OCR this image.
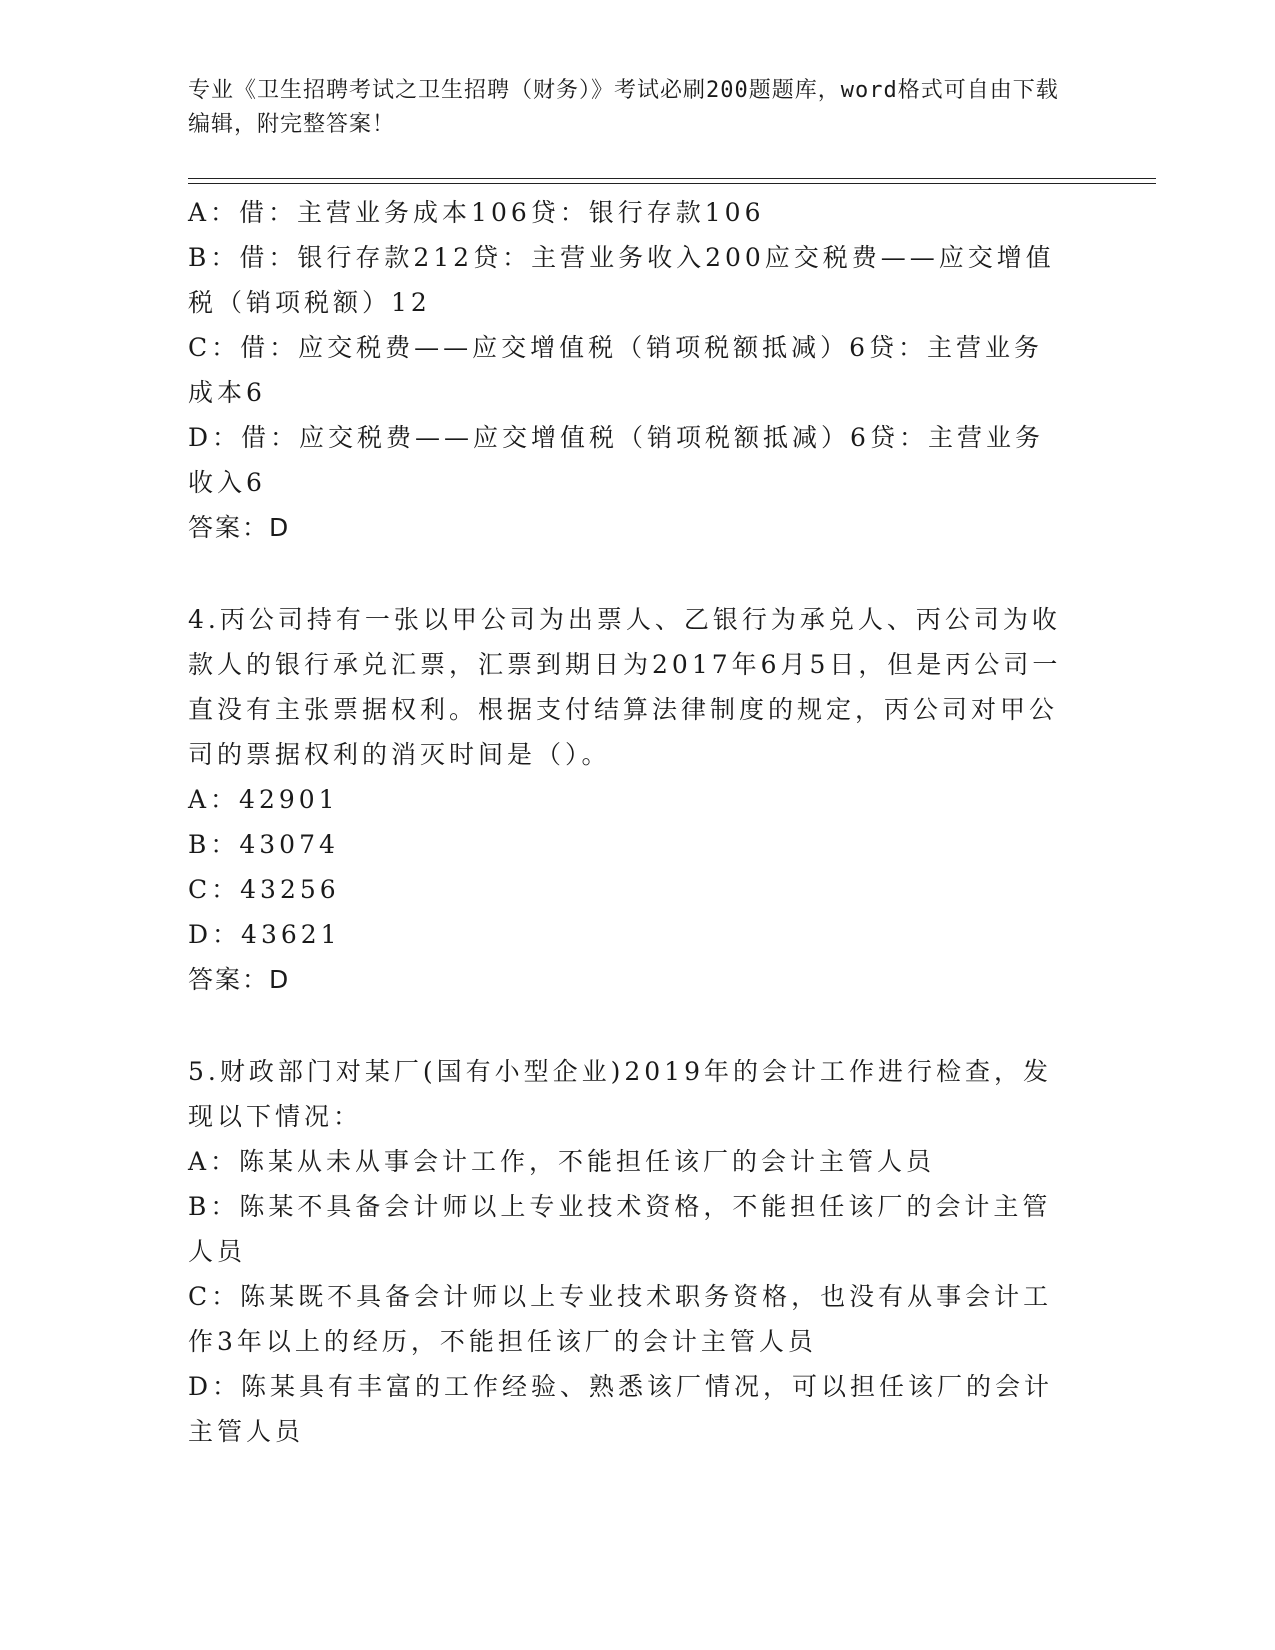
专业《卫生招聘考试之卫生招聘（财务）》考试必刷200题题库，word格式可自由下载编辑，附完整答案！
A：借：主营业务成本106贷：银行存款106
B：借：银行存款212贷：主营业务收入200应交税费——应交增值税（销项税额）12
C：借：应交税费——应交增值税（销项税额抵减）6贷：主营业务成本6
D：借：应交税费——应交增值税（销项税额抵减）6贷：主营业务收入6
答案：D
4.丙公司持有一张以甲公司为出票人、乙银行为承兑人、丙公司为收款人的银行承兑汇票，汇票到期日为2017年6月5日，但是丙公司一直没有主张票据权利。根据支付结算法律制度的规定，丙公司对甲公司的票据权利的消灭时间是（）。
A：42901
B：43074
C：43256
D：43621
答案：D
5.财政部门对某厂(国有小型企业)2019年的会计工作进行检查，发现以下情况：
A：陈某从未从事会计工作，不能担任该厂的会计主管人员
B：陈某不具备会计师以上专业技术资格，不能担任该厂的会计主管人员
C：陈某既不具备会计师以上专业技术职务资格，也没有从事会计工作3年以上的经历，不能担任该厂的会计主管人员
D：陈某具有丰富的工作经验、熟悉该厂情况，可以担任该厂的会计主管人员
